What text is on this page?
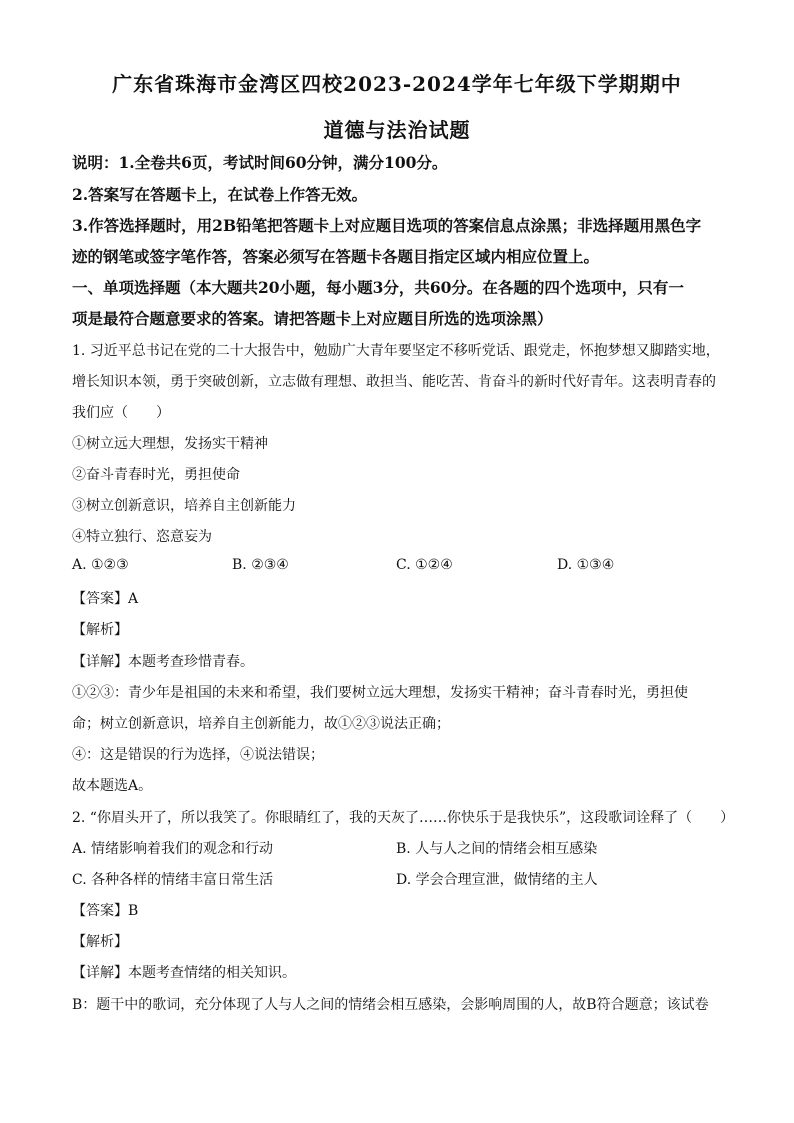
广东省珠海市金湾区四校2023-2024学年七年级下学期期中
道德与法治试题
说明：1.全卷共6页，考试时间60分钟，满分100分。
2.答案写在答题卡上，在试卷上作答无效。
3.作答选择题时，用2B铅笔把答题卡上对应题目选项的答案信息点涂黑；非选择题用黑色字
迹的钢笔或签字笔作答，答案必须写在答题卡各题目指定区域内相应位置上。
一、单项选择题（本大题共20小题，每小题3分，共60分。在各题的四个选项中，只有一
项是最符合题意要求的答案。请把答题卡上对应题目所选的选项涂黑）
1. 习近平总书记在党的二十大报告中，勉励广大青年要坚定不移听党话、跟党走，怀抱梦想又脚踏实地，
增长知识本领，勇于突破创新，立志做有理想、敢担当、能吃苦、肯奋斗的新时代好青年。这表明青春的
我们应（　　）
①树立远大理想，发扬实干精神
②奋斗青春时光，勇担使命
③树立创新意识，培养自主创新能力
④特立独行、恣意妄为
A. ①②③	B. ②③④	C. ①②④	D. ①③④
【答案】A
【解析】
【详解】本题考查珍惜青春。
①②③：青少年是祖国的未来和希望，我们要树立远大理想，发扬实干精神；奋斗青春时光，勇担使
命；树立创新意识，培养自主创新能力，故①②③说法正确；
④：这是错误的行为选择，④说法错误；
故本题选A。
2. “你眉头开了，所以我笑了。你眼睛红了，我的天灰了……你快乐于是我快乐”，这段歌词诠释了（　　）
A. 情绪影响着我们的观念和行动	B. 人与人之间的情绪会相互感染
C. 各种各样的情绪丰富日常生活	D. 学会合理宣泄，做情绪的主人
【答案】B
【解析】
【详解】本题考查情绪的相关知识。
B：题干中的歌词，充分体现了人与人之间的情绪会相互感染，会影响周围的人，故B符合题意；该试卷
